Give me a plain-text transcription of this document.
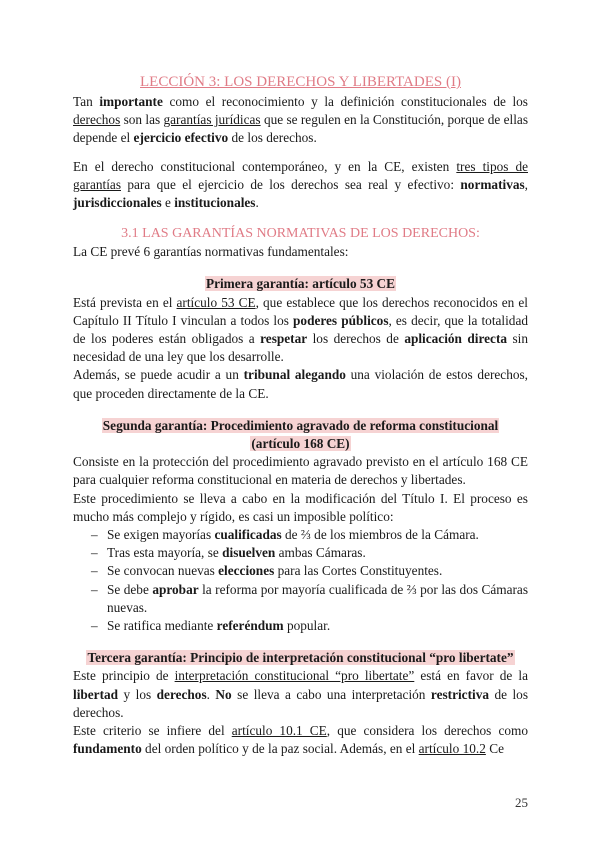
LECCIÓN 3: LOS DERECHOS Y LIBERTADES (I)

Tan importante como el reconocimiento y la definición constitucionales de los derechos son las garantías jurídicas que se regulen en la Constitución, porque de ellas depende el ejercicio efectivo de los derechos.

En el derecho constitucional contemporáneo, y en la CE, existen tres tipos de garantías para que el ejercicio de los derechos sea real y efectivo: normativas, jurisdiccionales e institucionales.

3.1 LAS GARANTÍAS NORMATIVAS DE LOS DERECHOS:

La CE prevé 6 garantías normativas fundamentales:

Primera garantía: artículo 53 CE

Está prevista en el artículo 53 CE, que establece que los derechos reconocidos en el Capítulo II Título I vinculan a todos los poderes públicos, es decir, que la totalidad de los poderes están obligados a respetar los derechos de aplicación directa sin necesidad de una ley que los desarrolle.

Además, se puede acudir a un tribunal alegando una violación de estos derechos, que proceden directamente de la CE.

Segunda garantía: Procedimiento agravado de reforma constitucional
(artículo 168 CE)

Consiste en la protección del procedimiento agravado previsto en el artículo 168 CE para cualquier reforma constitucional en materia de derechos y libertades.

Este procedimiento se lleva a cabo en la modificación del Título I. El proceso es mucho más complejo y rígido, es casi un imposible político:

– Se exigen mayorías cualificadas de ⅔ de los miembros de la Cámara.
– Tras esta mayoría, se disuelven ambas Cámaras.
– Se convocan nuevas elecciones para las Cortes Constituyentes.
– Se debe aprobar la reforma por mayoría cualificada de ⅔ por las dos Cámaras nuevas.
– Se ratifica mediante referéndum popular.

Tercera garantía: Principio de interpretación constitucional “pro libertate”

Este principio de interpretación constitucional “pro libertate” está en favor de la libertad y los derechos. No se lleva a cabo una interpretación restrictiva de los derechos.

Este criterio se infiere del artículo 10.1 CE, que considera los derechos como fundamento del orden político y de la paz social. Además, en el artículo 10.2 Ce

25
